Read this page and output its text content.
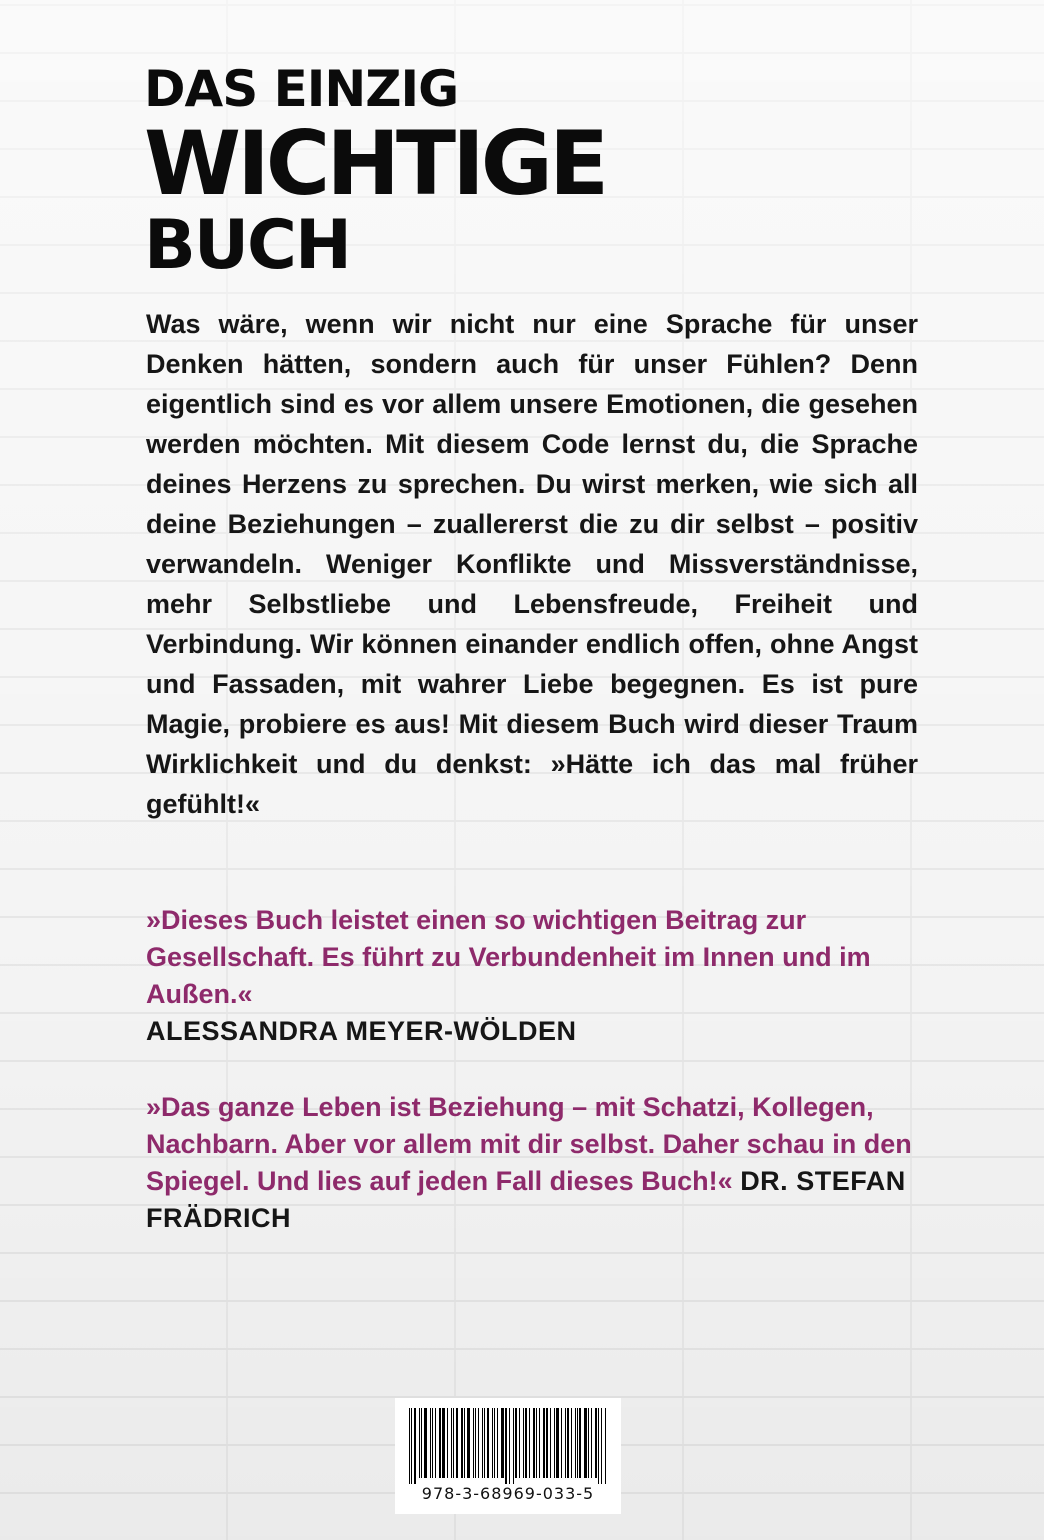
DAS EINZIG
WICHTIGE
BUCH

Was wäre, wenn wir nicht nur eine Sprache für unser Denken hätten, sondern auch für unser Fühlen? Denn eigentlich sind es vor allem unsere Emotionen, die gesehen werden möchten. Mit diesem Code lernst du, die Sprache deines Herzens zu sprechen. Du wirst merken, wie sich all deine Beziehungen – zuallererst die zu dir selbst – positiv verwandeln. Weniger Konflikte und Missverständnisse, mehr Selbstliebe und Lebensfreude, Freiheit und Verbindung. Wir können einander endlich offen, ohne Angst und Fassaden, mit wahrer Liebe begegnen. Es ist pure Magie, probiere es aus! Mit diesem Buch wird dieser Traum Wirklichkeit und du denkst: »Hätte ich das mal früher gefühlt!«

»Dieses Buch leistet einen so wichtigen Beitrag zur Gesellschaft. Es führt zu Verbundenheit im Innen und im Außen.«
ALESSANDRA MEYER-WÖLDEN

»Das ganze Leben ist Beziehung – mit Schatzi, Kollegen, Nachbarn. Aber vor allem mit dir selbst. Daher schau in den Spiegel. Und lies auf jeden Fall dieses Buch!« DR. STEFAN FRÄDRICH

978-3-68969-033-5
